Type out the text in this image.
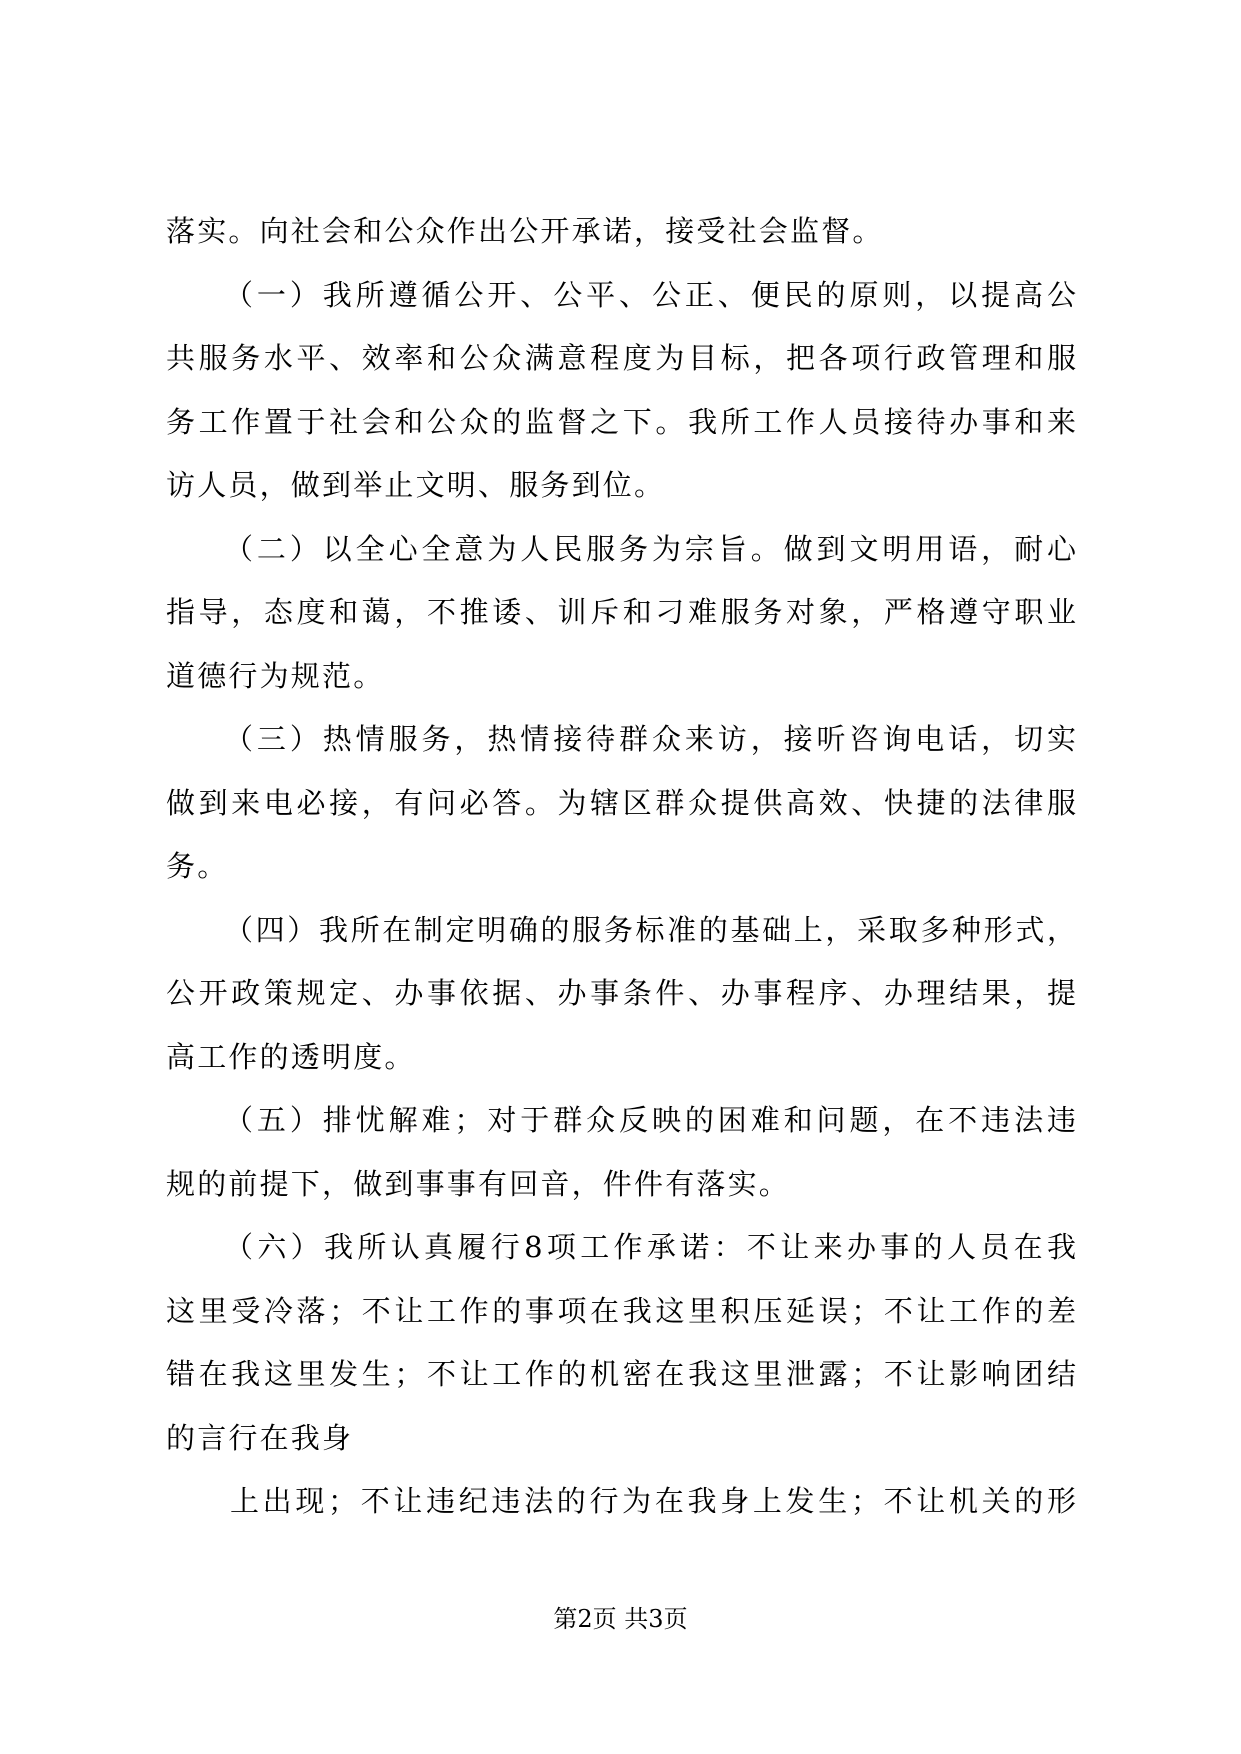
落实。向社会和公众作出公开承诺，接受社会监督。
（一）我所遵循公开、公平、公正、便民的原则，以提高公
共服务水平、效率和公众满意程度为目标，把各项行政管理和服
务工作置于社会和公众的监督之下。我所工作人员接待办事和来
访人员，做到举止文明、服务到位。
（二）以全心全意为人民服务为宗旨。做到文明用语，耐心
指导，态度和蔼，不推诿、训斥和刁难服务对象，严格遵守职业
道德行为规范。
（三）热情服务，热情接待群众来访，接听咨询电话，切实
做到来电必接，有问必答。为辖区群众提供高效、快捷的法律服
务。
（四）我所在制定明确的服务标准的基础上，采取多种形式，
公开政策规定、办事依据、办事条件、办事程序、办理结果，提
高工作的透明度。
（五）排忧解难；对于群众反映的困难和问题，在不违法违
规的前提下，做到事事有回音，件件有落实。
（六）我所认真履行8项工作承诺：不让来办事的人员在我
这里受冷落；不让工作的事项在我这里积压延误；不让工作的差
错在我这里发生；不让工作的机密在我这里泄露；不让影响团结
的言行在我身
上出现；不让违纪违法的行为在我身上发生；不让机关的形
第2页 共3页
